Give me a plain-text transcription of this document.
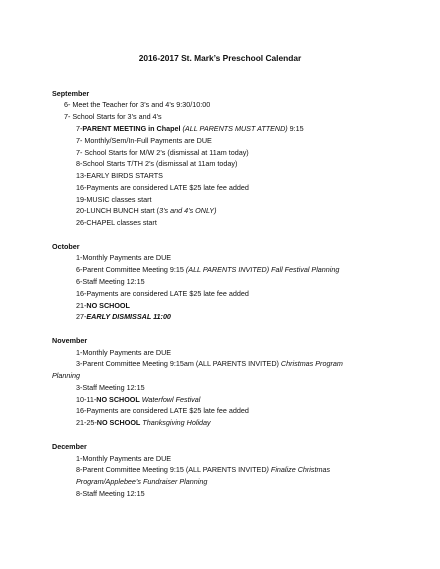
2016-2017 St. Mark’s Preschool Calendar
September
6- Meet the Teacher for 3’s and 4’s 9:30/10:00
7- School Starts for 3’s and 4’s
7-PARENT MEETING in Chapel (ALL PARENTS MUST ATTEND) 9:15
7- Monthly/Sem/In-Full Payments are DUE
7- School Starts for M/W 2’s (dismissal at 11am today)
8-School Starts T/TH 2’s (dismissal at 11am today)
13-EARLY BIRDS STARTS
16-Payments are considered LATE $25 late fee added
19-MUSIC classes start
20-LUNCH BUNCH start (3’s and 4’s ONLY)
26-CHAPEL classes start
October
1-Monthly Payments are DUE
6-Parent Committee Meeting 9:15 (ALL PARENTS INVITED) Fall Festival Planning
6-Staff Meeting 12:15
16-Payments are considered LATE $25 late fee added
21-NO SCHOOL
27-EARLY DISMISSAL 11:00
November
1-Monthly Payments are DUE
3-Parent Committee Meeting 9:15am (ALL PARENTS INVITED) Christmas Program
Planning
3-Staff Meeting 12:15
10-11-NO SCHOOL Waterfowl Festival
16-Payments are considered LATE $25 late fee added
21-25-NO SCHOOL Thanksgiving Holiday
December
1-Monthly Payments are DUE
8-Parent Committee Meeting 9:15 (ALL PARENTS INVITED) Finalize Christmas
Program/Applebee’s Fundraiser Planning
8-Staff Meeting 12:15
